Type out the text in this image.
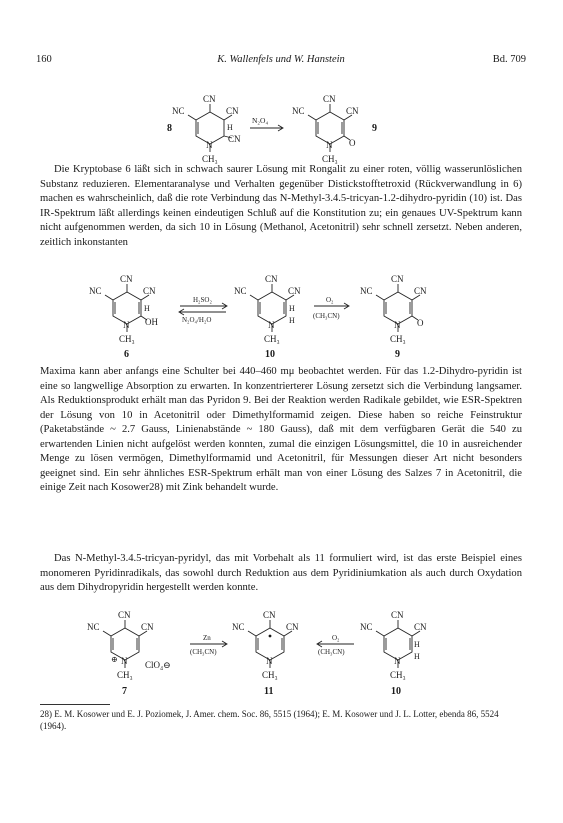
160	K. Wallenfels und W. Hanstein	Bd. 709
CN
NC	CN
H
CN
N
CH₃
8
N₂O₄
CN
NC	CN
N O
CH₃
9
CN
NC	CN
H
OH
N
CH₃
6
H₂SO₂
N₂O₄/H₂O
CN
NC	CN
H
H
N
CH₃
10
O₂
(CH₃CN)
CN
NC	CN
N O
CH₃
9
CN
NC	CN
⊕ N ClO₄⊖
CH₃
7
Zn
(CH₃CN)
CN
NC	CN
N
CH₃
11
O₂
(CH₃CN)
CN
NC	CN
H
H
N
CH₃
10
Die Kryptobase 6 läßt sich in schwach saurer Lösung mit Rongalit zu einer roten, völlig wasserunlöslichen Substanz reduzieren. Elementaranalyse und Verhalten gegenüber Distickstofftetroxid (Rückverwandlung in 6) machen es wahrscheinlich, daß die rote Verbindung das N-Methyl-3.4.5-tricyan-1.2-dihydro-pyridin (10) ist. Das IR-Spektrum läßt allerdings keinen eindeutigen Schluß auf die Konstitution zu; ein genaues UV-Spektrum kann nicht aufgenommen werden, da sich 10 in Lösung (Methanol, Acetonitril) sehr schnell zersetzt. Neben anderen, zeitlich inkonstanten
Maxima kann aber anfangs eine Schulter bei 440–460 mμ beobachtet werden. Für das 1.2-Dihydro-pyridin ist eine so langwellige Absorption zu erwarten. In konzentrierterer Lösung zersetzt sich die Verbindung langsamer. Als Reduktionsprodukt erhält man das Pyridon 9. Bei der Reaktion werden Radikale gebildet, wie ESR-Spektren der Lösung von 10 in Acetonitril oder Dimethylformamid zeigen. Diese haben so reiche Feinstruktur (Paketabstände ~ 2.7 Gauss, Linienabstände ~ 180 Gauss), daß mit dem verfügbaren Gerät die 540 zu erwartenden Linien nicht aufgelöst werden konnten, zumal die einzigen Lösungsmittel, die 10 in ausreichender Menge zu lösen vermögen, Dimethylformamid und Acetonitril, für Messungen dieser Art nicht besonders geeignet sind. Ein sehr ähnliches ESR-Spektrum erhält man von einer Lösung des Salzes 7 in Acetonitril, die einige Zeit nach Kosower28) mit Zink behandelt wurde.
Das N-Methyl-3.4.5-tricyan-pyridyl, das mit Vorbehalt als 11 formuliert wird, ist das erste Beispiel eines monomeren Pyridinradikals, das sowohl durch Reduktion aus dem Pyridiniumkation als auch durch Oxydation aus dem Dihydropyridin hergestellt werden konnte.
28) E. M. Kosower und E. J. Poziomek, J. Amer. chem. Soc. 86, 5515 (1964); E. M. Kosower und J. L. Lotter, ebenda 86, 5524 (1964).
